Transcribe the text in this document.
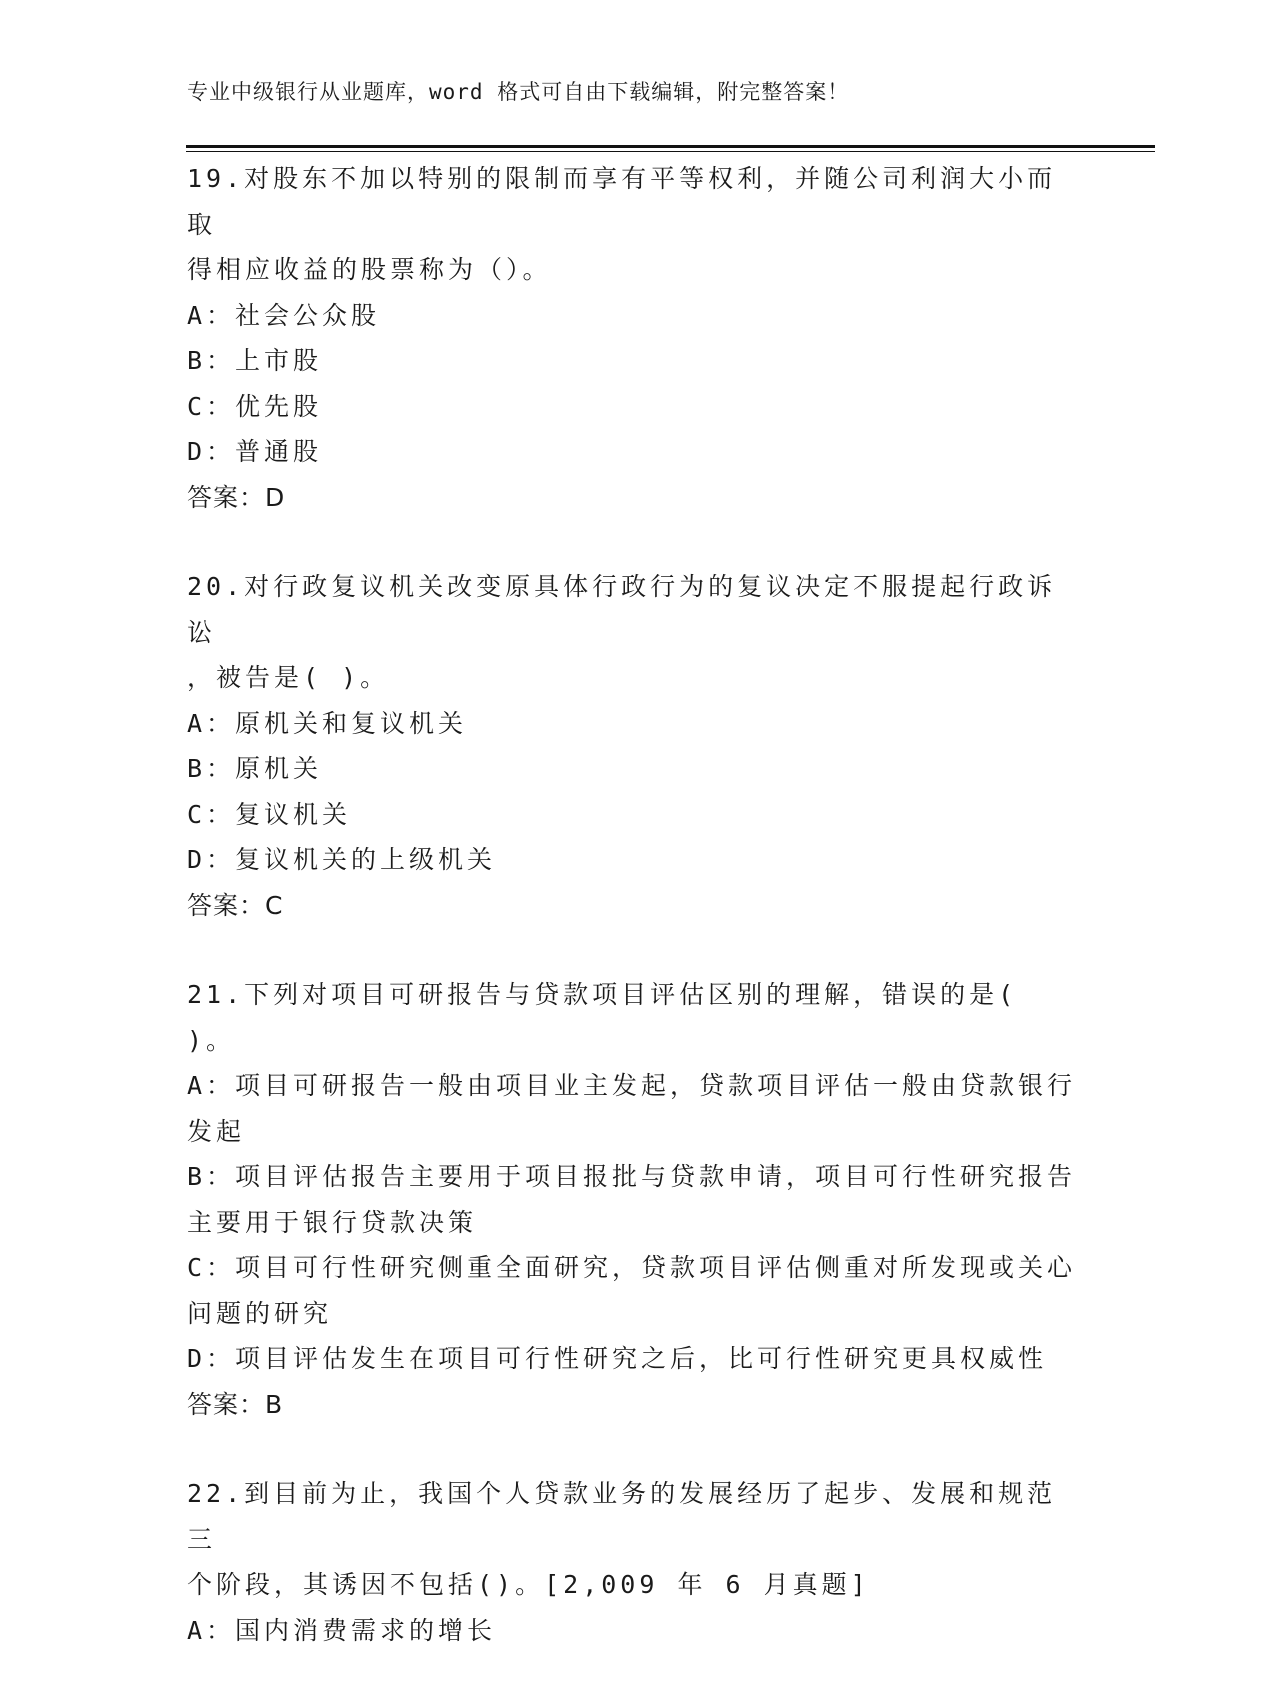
专业中级银行从业题库，word 格式可自由下载编辑，附完整答案！

19.对股东不加以特别的限制而享有平等权利，并随公司利润大小而取

得相应收益的股票称为（）。

A：社会公众股

B：上市股

C：优先股

D：普通股

答案：D

20.对行政复议机关改变原具体行政行为的复议决定不服提起行政诉讼

，被告是( )。

A：原机关和复议机关

B：原机关

C：复议机关

D：复议机关的上级机关

答案：C

21.下列对项目可研报告与贷款项目评估区别的理解，错误的是( )。

A：项目可研报告一般由项目业主发起，贷款项目评估一般由贷款银行

发起

B：项目评估报告主要用于项目报批与贷款申请，项目可行性研究报告

主要用于银行贷款决策

C：项目可行性研究侧重全面研究，贷款项目评估侧重对所发现或关心

问题的研究

D：项目评估发生在项目可行性研究之后，比可行性研究更具权威性

答案：B

22.到目前为止，我国个人贷款业务的发展经历了起步、发展和规范三

个阶段，其诱因不包括()。[2,009 年 6 月真题]

A：国内消费需求的增长
